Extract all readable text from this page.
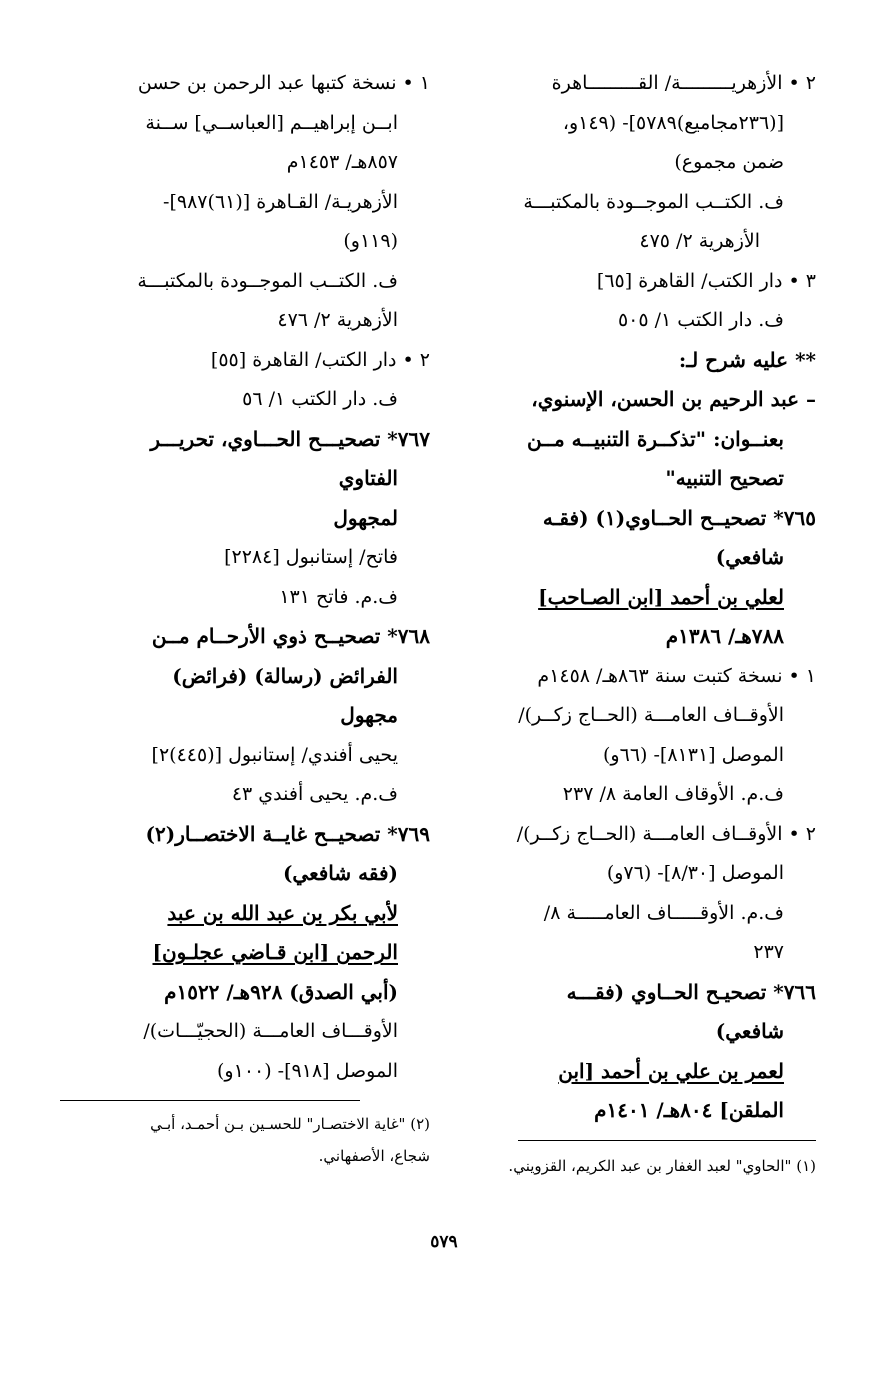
٢ • الأزهريـــــــــة/ القـــــــــاهرة
[(٢٣٦مجاميع)٥٧٨٩]- (١٤٩و،
ضمن مجموع)
ف. الكتــب الموجــودة بالمكتبـــة
الأزهرية ٢/ ٤٧٥
٣ • دار الكتب/ القاهرة [٦٥]
ف. دار الكتب ١/ ٥٠٥
** عليه شرح لـ:
– عبد الرحيم بن الحسن، الإسنوي،
بعنــوان: "تذكــرة التنبيــه مــن
تصحيح التنبيه"
٧٦٥* تصحيــح الحــاوي(١) (فقـه
شافعي)
لعلي بن أحمد [ابن الصـاحب]
٧٨٨هـ/ ١٣٨٦م
١ • نسخة كتبت سنة ٨٦٣هـ/ ١٤٥٨م
الأوقــاف العامـــة (الحــاج زكــر)/
الموصل [٨١٣١]- (٦٦و)
ف.م. الأوقاف العامة ٨/ ٢٣٧
٢ • الأوقــاف العامـــة (الحــاج زكــر)/
الموصل [٨/٣٠]- (٧٦و)
ف.م. الأوقـــــاف العامـــــة ٨/
٢٣٧
٧٦٦* تصحيـح الحــاوي (فقـــه
شافعي)
لعمر بن علي بن أحمد [ابن
الملقن] ٨٠٤هـ/ ١٤٠١م
١ • نسخة كتبها عبد الرحمن بن حسن
ابــن إبراهيــم [العباســي] ســنة
٨٥٧هـ/ ١٤٥٣م
الأزهريـة/ القـاهرة [(٦١)٩٨٧]-
(١١٩و)
ف. الكتــب الموجــودة بالمكتبـــة
الأزهرية ٢/ ٤٧٦
٢ • دار الكتب/ القاهرة [٥٥]
ف. دار الكتب ١/ ٥٦
٧٦٧* تصحيـــح الحـــاوي، تحريـــر
الفتاوي
لمجهول
فاتح/ إستانبول [٢٢٨٤]
ف.م. فاتح ١٣١
٧٦٨* تصحيــح ذوي الأرحــام مــن
الفرائض (رسالة) (فرائض)
مجهول
يحيى أفندي/ إستانبول [(٤٤٥)٢]
ف.م. يحيى أفندي ٤٣
٧٦٩* تصحيــح غايــة الاختصــار(٢)
(فقه شافعي)
لأبي بكر بن عبد الله بن عبد
الرحمن [ابن قـاضي عجلـون]
(أبي الصدق) ٩٢٨هـ/ ١٥٢٢م
الأوقـــاف العامـــة (الحجيّـــات)/
الموصل [٩١٨]- (١٠٠و)
(١) "الحاوي" لعبد الغفار بن عبد الكريم، القزويني.
(٢) "غاية الاختصـار" للحسـين بـن أحمـد، أبـي
شجاع، الأصفهاني.
٥٧٩
